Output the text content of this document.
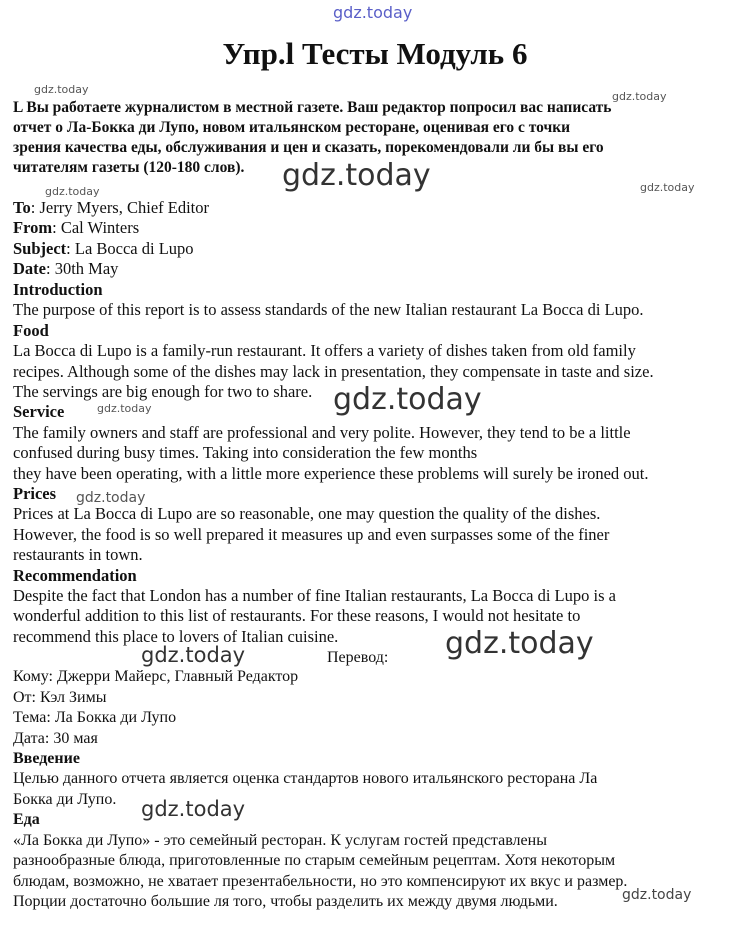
gdz.today
gdz.today
gdz.today
gdz.today
gdz.today	gdz.today
gdz.today
gdz.today
gdz.today
gdz.today
gdz.today
gdz.today
gdz.today
Упр.l Тесты Модуль 6
L Вы работаете журналистом в местной газете. Ваш редактор попросил вас написать
отчет о Ла-Бокка ди Лупо, новом итальянском ресторане, оценивая его с точки
зрения качества еды, обслуживания и цен и сказать, порекомендовали ли бы вы его
читателям газеты (120-180 слов).
To: Jerry Myers, Chief Editor
From: Cal Winters
Subject: La Bocca di Lupo
Date: 30th May
Introduction
The purpose of this report is to assess standards of the new Italian restaurant La Bocca di Lupo.
Food
La Bocca di Lupo is a family-run restaurant. It offers a variety of dishes taken from old family
recipes. Although some of the dishes may lack in presentation, they compensate in taste and size.
The servings are big enough for two to share.
Service
The family owners and staff are professional and very polite. However, they tend to be a little
confused during busy times. Taking into consideration the few months
they have been operating, with a little more experience these problems will surely be ironed out.
Prices
Prices at La Bocca di Lupo are so reasonable, one may question the quality of the dishes.
However, the food is so well prepared it measures up and even surpasses some of the finer
restaurants in town.
Recommendation
Despite the fact that London has a number of fine Italian restaurants, La Bocca di Lupo is a
wonderful addition to this list of restaurants. For these reasons, I would not hesitate to
recommend this place to lovers of Italian cuisine.
Перевод:
Кому: Джерри Майерс, Главный Редактор
От: Кэл Зимы
Тема: Ла Бокка ди Лупо
Дата: 30 мая
Введение
Целью данного отчета является оценка стандартов нового итальянского ресторана Ла
Бокка ди Лупо.
Еда
«Ла Бокка ди Лупо» - это семейный ресторан. К услугам гостей представлены
разнообразные блюда, приготовленные по старым семейным рецептам. Хотя некоторым
блюдам, возможно, не хватает презентабельности, но это компенсируют их вкус и размер.
Порции достаточно большие ля того, чтобы разделить их между двумя людьми.
